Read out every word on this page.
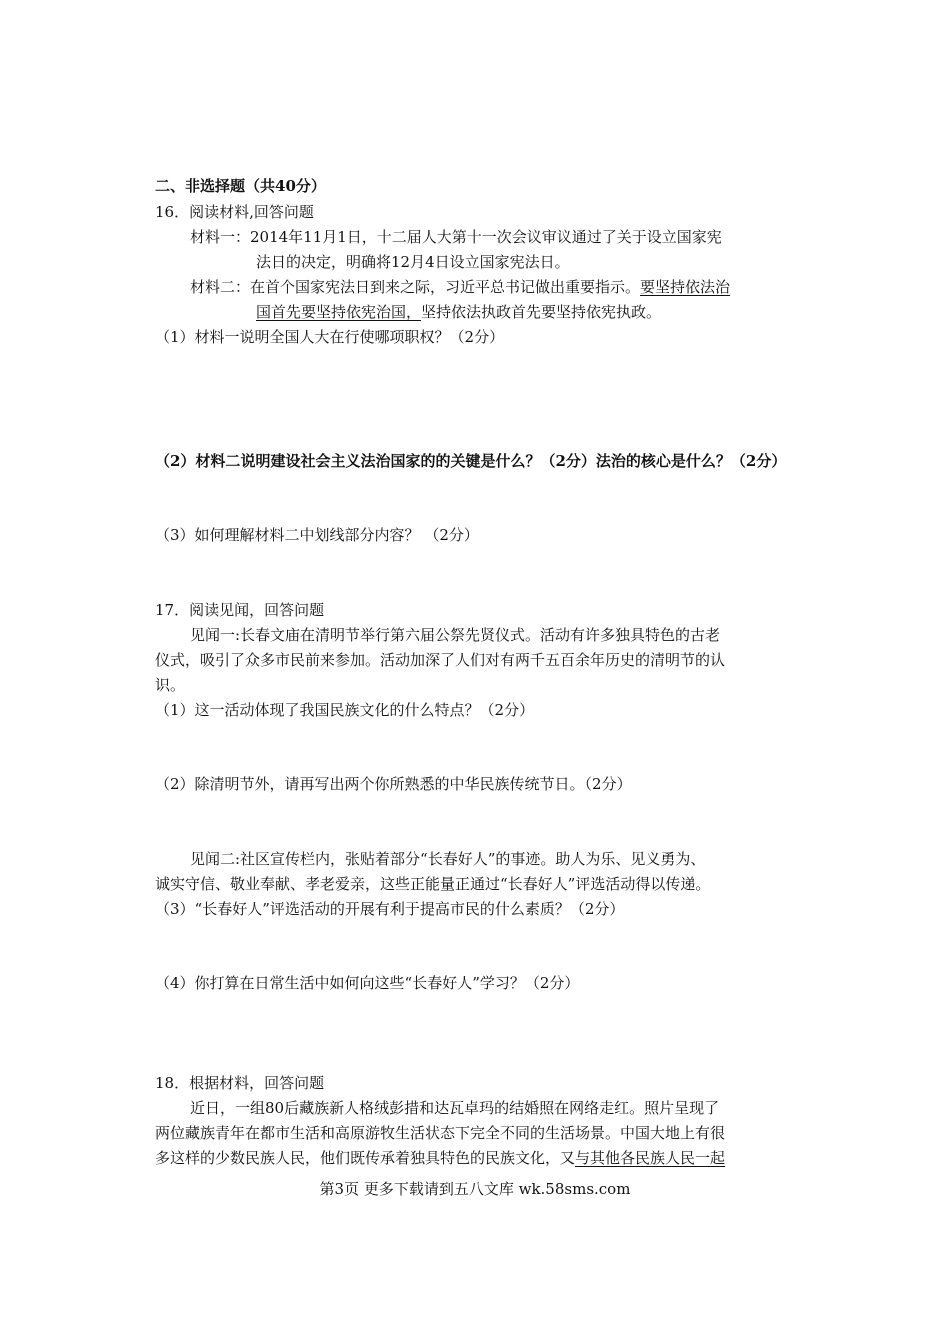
二、非选择题（共40分）
16．阅读材料,回答问题
材料一：2014年11月1日，十二届人大第十一次会议审议通过了关于设立国家宪
法日的决定，明确将12月4日设立国家宪法日。
材料二：在首个国家宪法日到来之际，习近平总书记做出重要指示。要坚持依法治
国首先要坚持依宪治国，坚持依法执政首先要坚持依宪执政。
（1）材料一说明全国人大在行使哪项职权？（2分）
（2）材料二说明建设社会主义法治国家的的关键是什么？（2分）法治的核心是什么？（2分）
（3）如何理解材料二中划线部分内容？ （2分）
17．阅读见闻，回答问题
见闻一:长春文庙在清明节举行第六届公祭先贤仪式。活动有许多独具特色的古老
仪式，吸引了众多市民前来参加。活动加深了人们对有两千五百余年历史的清明节的认
识。
（1）这一活动体现了我国民族文化的什么特点？（2分）
（2）除清明节外，请再写出两个你所熟悉的中华民族传统节日。（2分）
见闻二:社区宣传栏内，张贴着部分“长春好人”的事迹。助人为乐、见义勇为、
诚实守信、敬业奉献、孝老爱亲，这些正能量正通过“长春好人”评选活动得以传递。
（3）“长春好人”评选活动的开展有利于提高市民的什么素质？（2分）
（4）你打算在日常生活中如何向这些“长春好人”学习？（2分）
18．根据材料，回答问题
近日，一组80后藏族新人格绒彭措和达瓦卓玛的结婚照在网络走红。照片呈现了
两位藏族青年在都市生活和高原游牧生活状态下完全不同的生活场景。中国大地上有很
多这样的少数民族人民，他们既传承着独具特色的民族文化，又与其他各民族人民一起
第3页 更多下载请到五八文库 wk.58sms.com
